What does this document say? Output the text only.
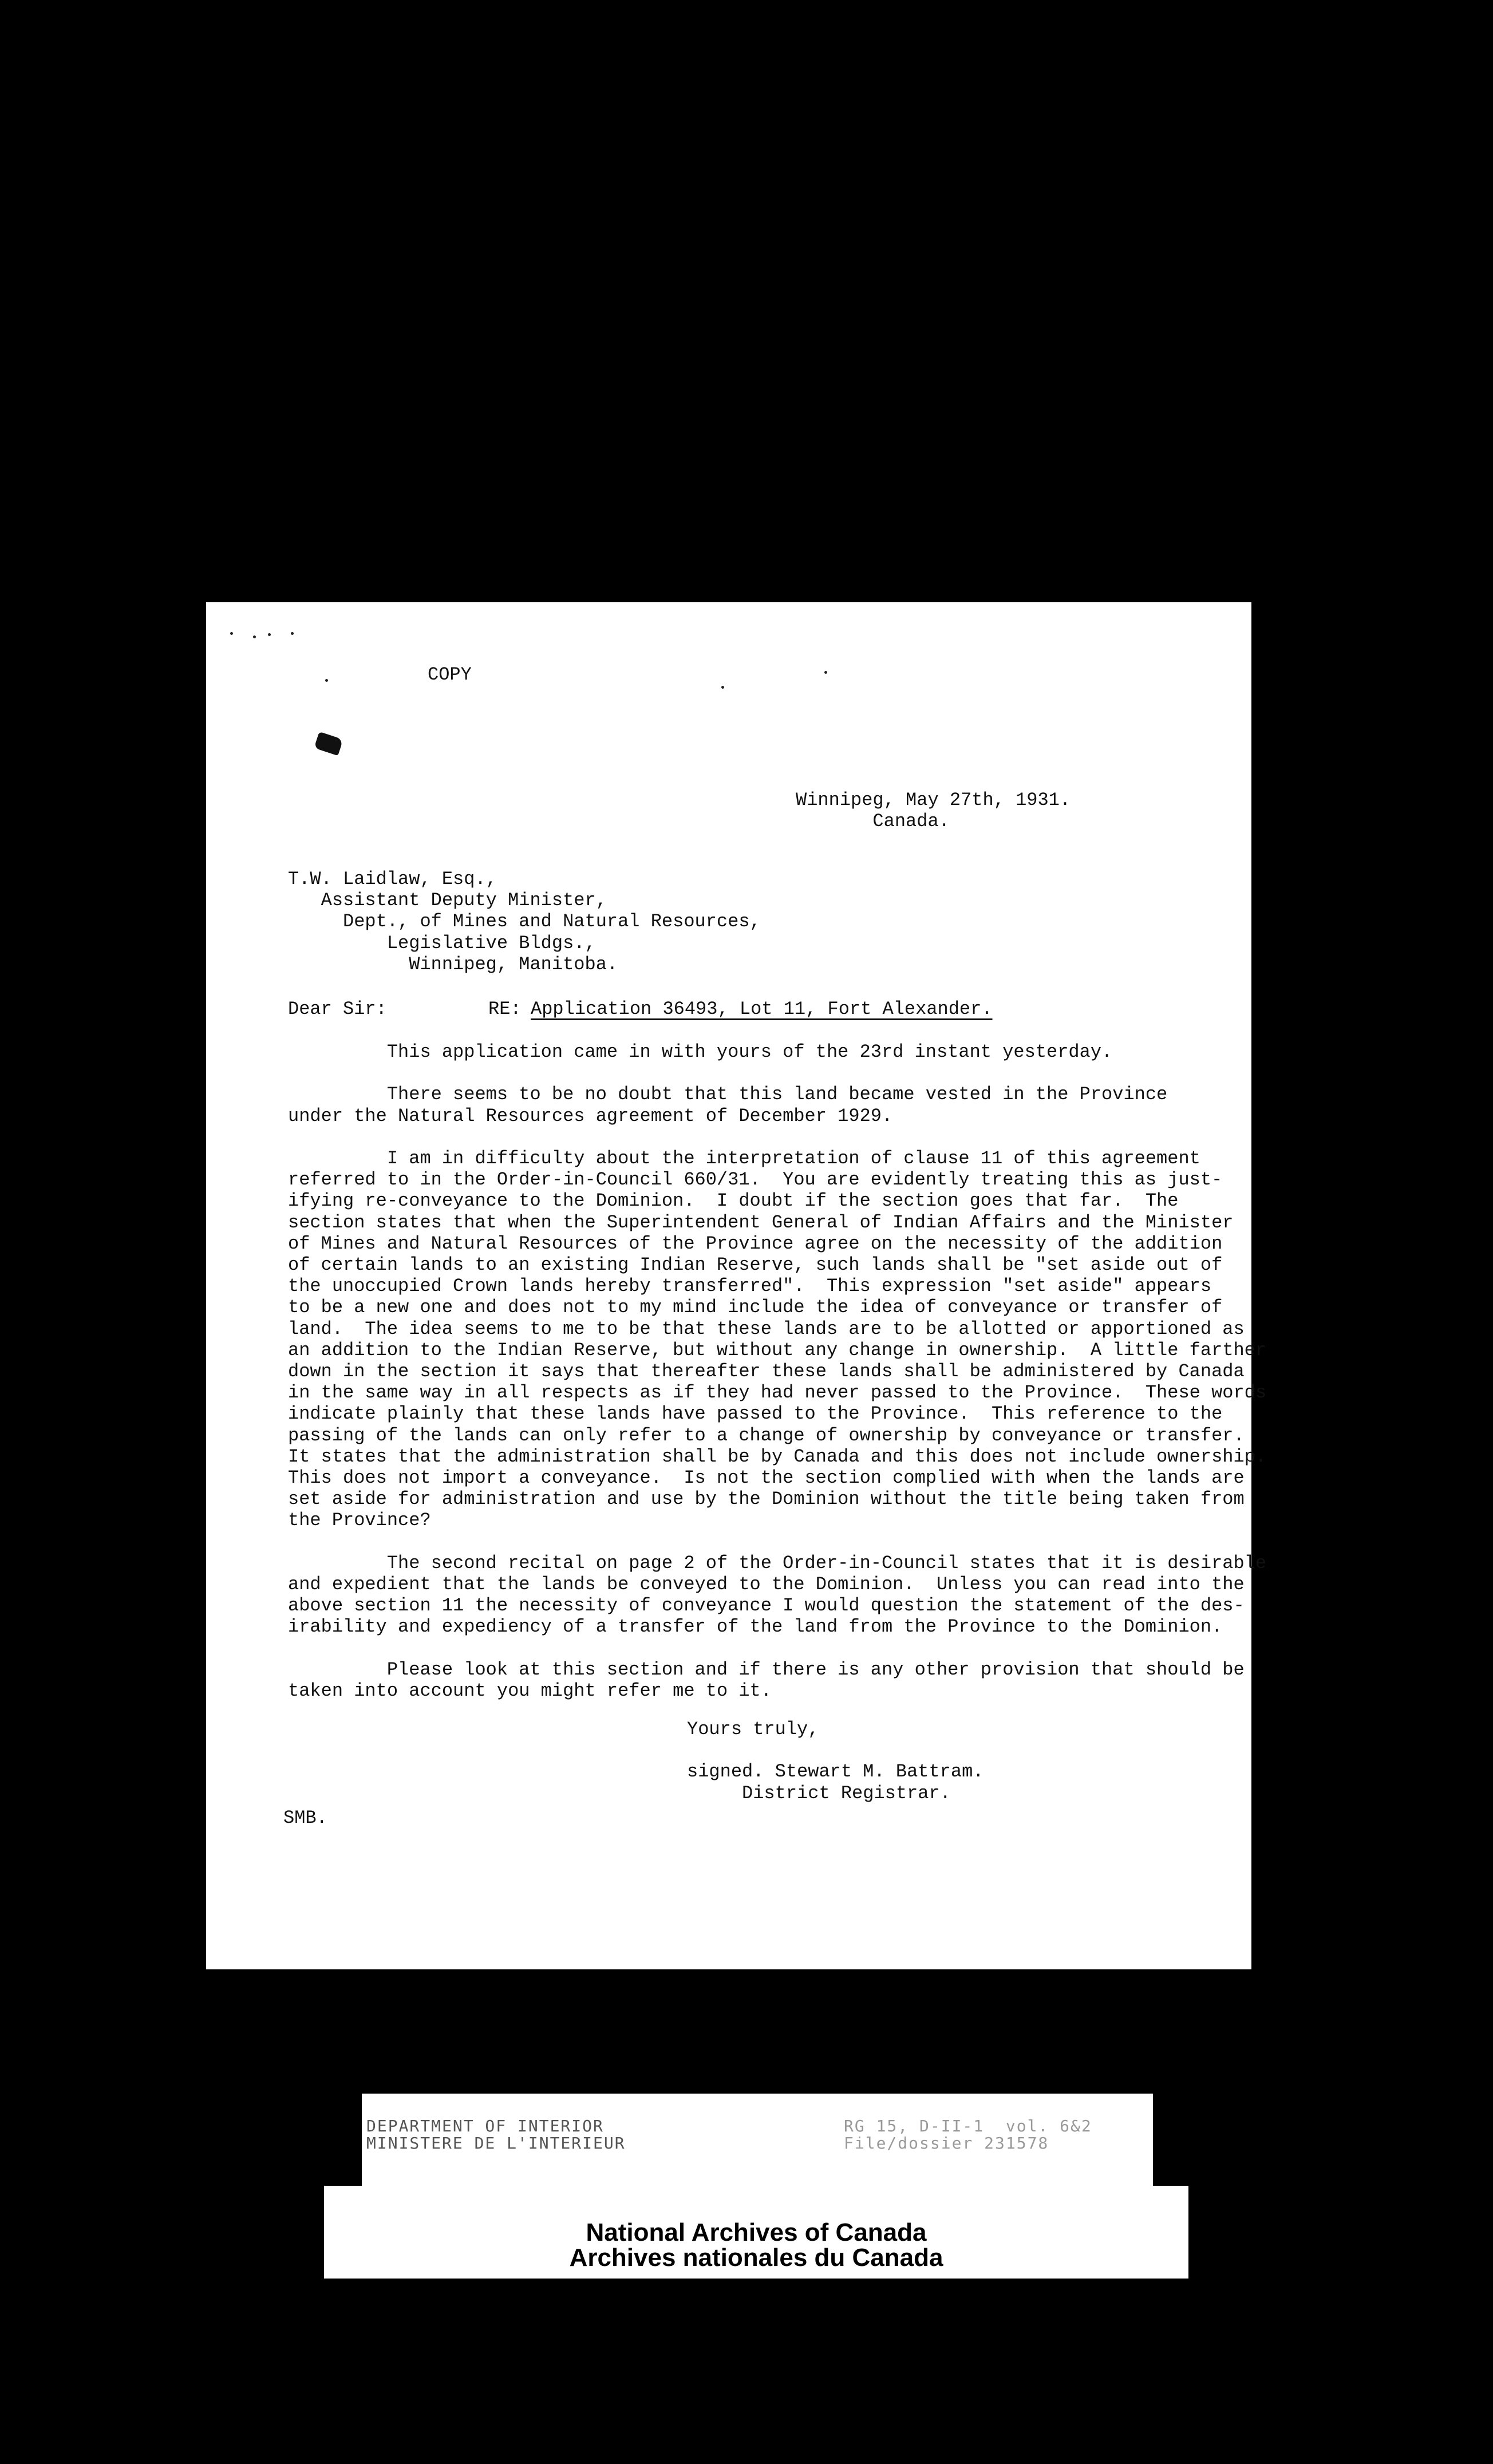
COPY
Winnipeg, May 27th, 1931.
Canada.
T.W. Laidlaw, Esq.,
Assistant Deputy Minister,
Dept., of Mines and Natural Resources,
Legislative Bldgs.,
Winnipeg, Manitoba.
Dear Sir:	RE: Application 36493, Lot 11, Fort Alexander.
This application came in with yours of the 23rd instant yesterday.

There seems to be no doubt that this land became vested in the Province
under the Natural Resources agreement of December 1929.

I am in difficulty about the interpretation of clause 11 of this agreement
referred to in the Order-in-Council 660/31.  You are evidently treating this as just-
ifying re-conveyance to the Dominion.  I doubt if the section goes that far.  The
section states that when the Superintendent General of Indian Affairs and the Minister
of Mines and Natural Resources of the Province agree on the necessity of the addition
of certain lands to an existing Indian Reserve, such lands shall be "set aside out of
the unoccupied Crown lands hereby transferred".  This expression "set aside" appears
to be a new one and does not to my mind include the idea of conveyance or transfer of
land.  The idea seems to me to be that these lands are to be allotted or apportioned as
an addition to the Indian Reserve, but without any change in ownership.  A little farther
down in the section it says that thereafter these lands shall be administered by Canada
in the same way in all respects as if they had never passed to the Province.  These words
indicate plainly that these lands have passed to the Province.  This reference to the
passing of the lands can only refer to a change of ownership by conveyance or transfer.
It states that the administration shall be by Canada and this does not include ownership.
This does not import a conveyance.  Is not the section complied with when the lands are
set aside for administration and use by the Dominion without the title being taken from
the Province?

The second recital on page 2 of the Order-in-Council states that it is desirable
and expedient that the lands be conveyed to the Dominion.  Unless you can read into the
above section 11 the necessity of conveyance I would question the statement of the des-
irability and expediency of a transfer of the land from the Province to the Dominion.

Please look at this section and if there is any other provision that should be
taken into account you might refer me to it.
Yours truly,

signed. Stewart M. Battram.
District Registrar.
SMB.
DEPARTMENT OF INTERIOR
MINISTERE DE L'INTERIEUR
RG 15, D-II-1  vol. 6&2
File/dossier 231578
National Archives of Canada
Archives nationales du Canada
